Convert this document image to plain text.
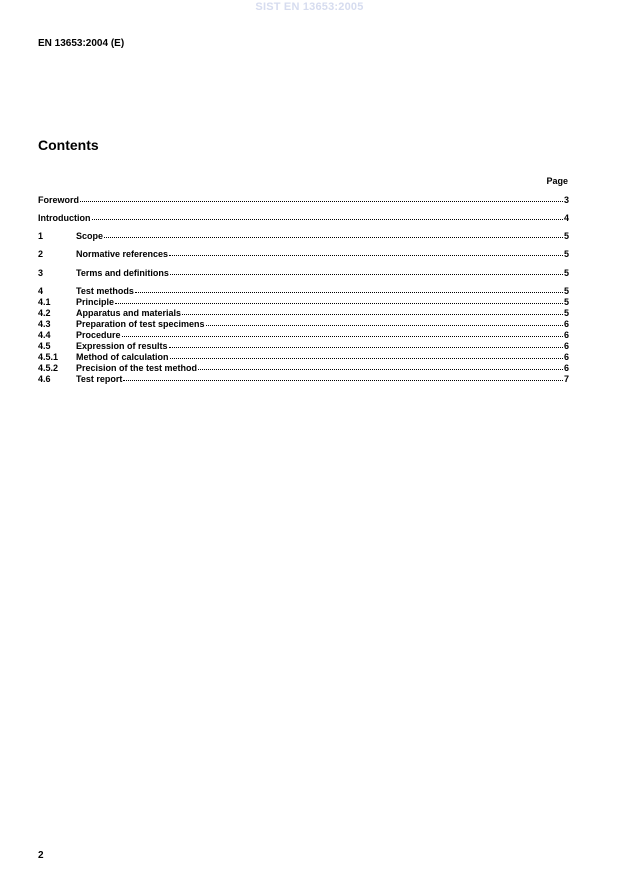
SIST EN 13653:2005
EN 13653:2004 (E)
Contents
Page
Foreword	3
Introduction	4
1	Scope	5
2	Normative references	5
3	Terms and definitions	5
4	Test methods	5
4.1	Principle	5
4.2	Apparatus and materials	5
4.3	Preparation of test specimens	6
4.4	Procedure	6
4.5	Expression of results	6
4.5.1	Method of calculation	6
4.5.2	Precision of the test method	6
4.6	Test report	7
2
